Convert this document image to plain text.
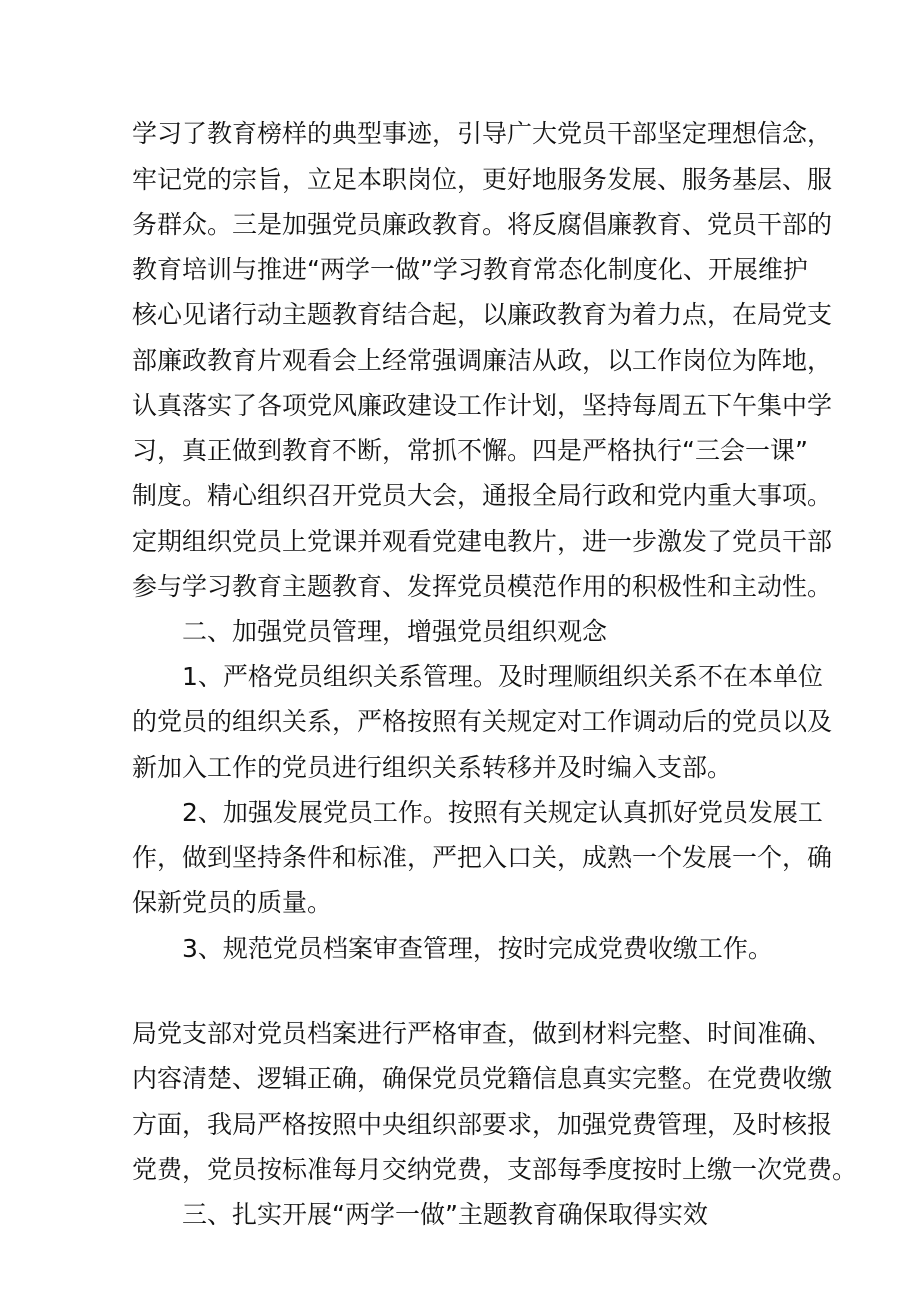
学习了教育榜样的典型事迹，引导广大党员干部坚定理想信念，
牢记党的宗旨，立足本职岗位，更好地服务发展、服务基层、服
务群众。三是加强党员廉政教育。将反腐倡廉教育、党员干部的
教育培训与推进“两学一做”学习教育常态化制度化、开展维护
核心见诸行动主题教育结合起，以廉政教育为着力点，在局党支
部廉政教育片观看会上经常强调廉洁从政，以工作岗位为阵地，
认真落实了各项党风廉政建设工作计划，坚持每周五下午集中学
习，真正做到教育不断，常抓不懈。四是严格执行“三会一课”
制度。精心组织召开党员大会，通报全局行政和党内重大事项。
定期组织党员上党课并观看党建电教片，进一步激发了党员干部
参与学习教育主题教育、发挥党员模范作用的积极性和主动性。
二、加强党员管理，增强党员组织观念
1、严格党员组织关系管理。及时理顺组织关系不在本单位
的党员的组织关系，严格按照有关规定对工作调动后的党员以及
新加入工作的党员进行组织关系转移并及时编入支部。
2、加强发展党员工作。按照有关规定认真抓好党员发展工
作，做到坚持条件和标准，严把入口关，成熟一个发展一个，确
保新党员的质量。
3、规范党员档案审查管理，按时完成党费收缴工作。
局党支部对党员档案进行严格审查，做到材料完整、时间准确、
内容清楚、逻辑正确，确保党员党籍信息真实完整。在党费收缴
方面，我局严格按照中央组织部要求，加强党费管理，及时核报
党费，党员按标准每月交纳党费，支部每季度按时上缴一次党费。
三、扎实开展“两学一做”主题教育确保取得实效
